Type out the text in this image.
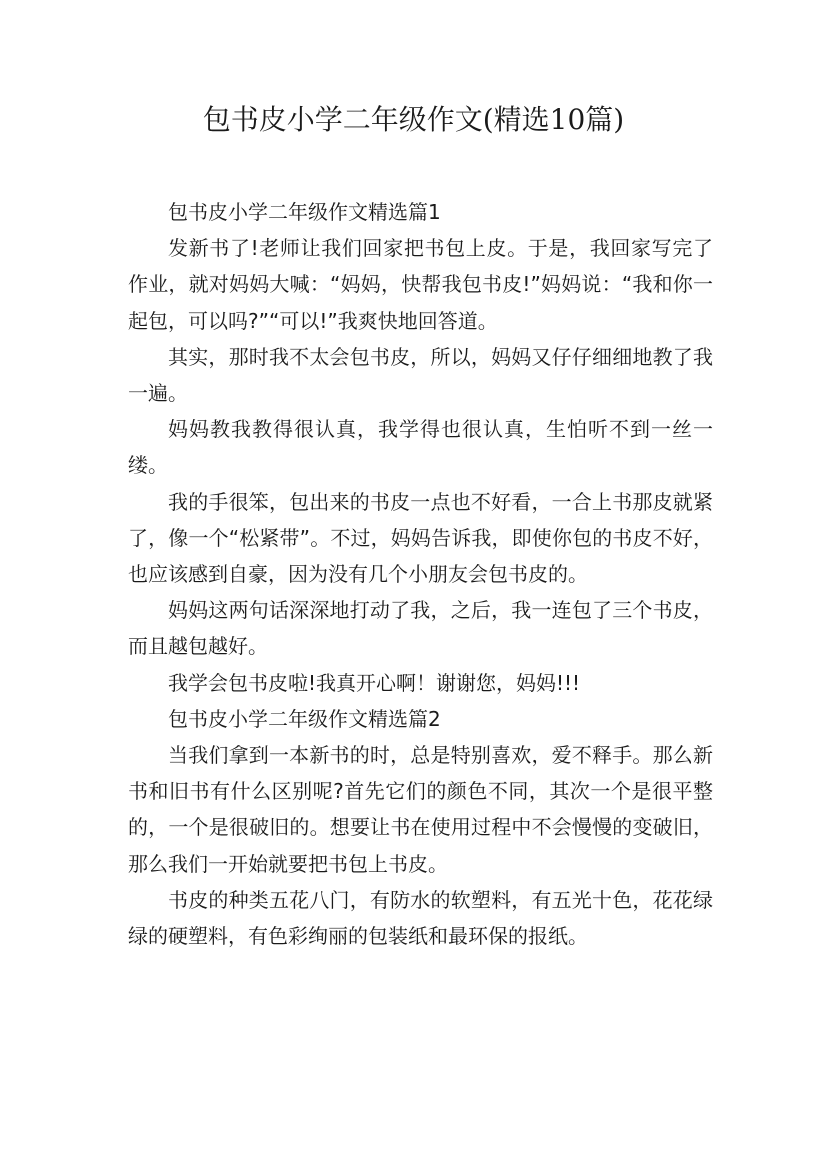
包书皮小学二年级作文(精选10篇)

包书皮小学二年级作文精选篇1

发新书了!老师让我们回家把书包上皮。于是，我回家写完了作业，就对妈妈大喊：“妈妈，快帮我包书皮!”妈妈说：“我和你一起包，可以吗?”“可以!”我爽快地回答道。

其实，那时我不太会包书皮，所以，妈妈又仔仔细细地教了我一遍。

妈妈教我教得很认真，我学得也很认真，生怕听不到一丝一缕。

我的手很笨，包出来的书皮一点也不好看，一合上书那皮就紧了，像一个“松紧带”。不过，妈妈告诉我，即使你包的书皮不好，也应该感到自豪，因为没有几个小朋友会包书皮的。

妈妈这两句话深深地打动了我，之后，我一连包了三个书皮，而且越包越好。

我学会包书皮啦!我真开心啊！谢谢您，妈妈!!!

包书皮小学二年级作文精选篇2

当我们拿到一本新书的时，总是特别喜欢，爱不释手。那么新书和旧书有什么区别呢?首先它们的颜色不同，其次一个是很平整的，一个是很破旧的。想要让书在使用过程中不会慢慢的变破旧，那么我们一开始就要把书包上书皮。

书皮的种类五花八门，有防水的软塑料，有五光十色，花花绿绿的硬塑料，有色彩绚丽的包装纸和最环保的报纸。
